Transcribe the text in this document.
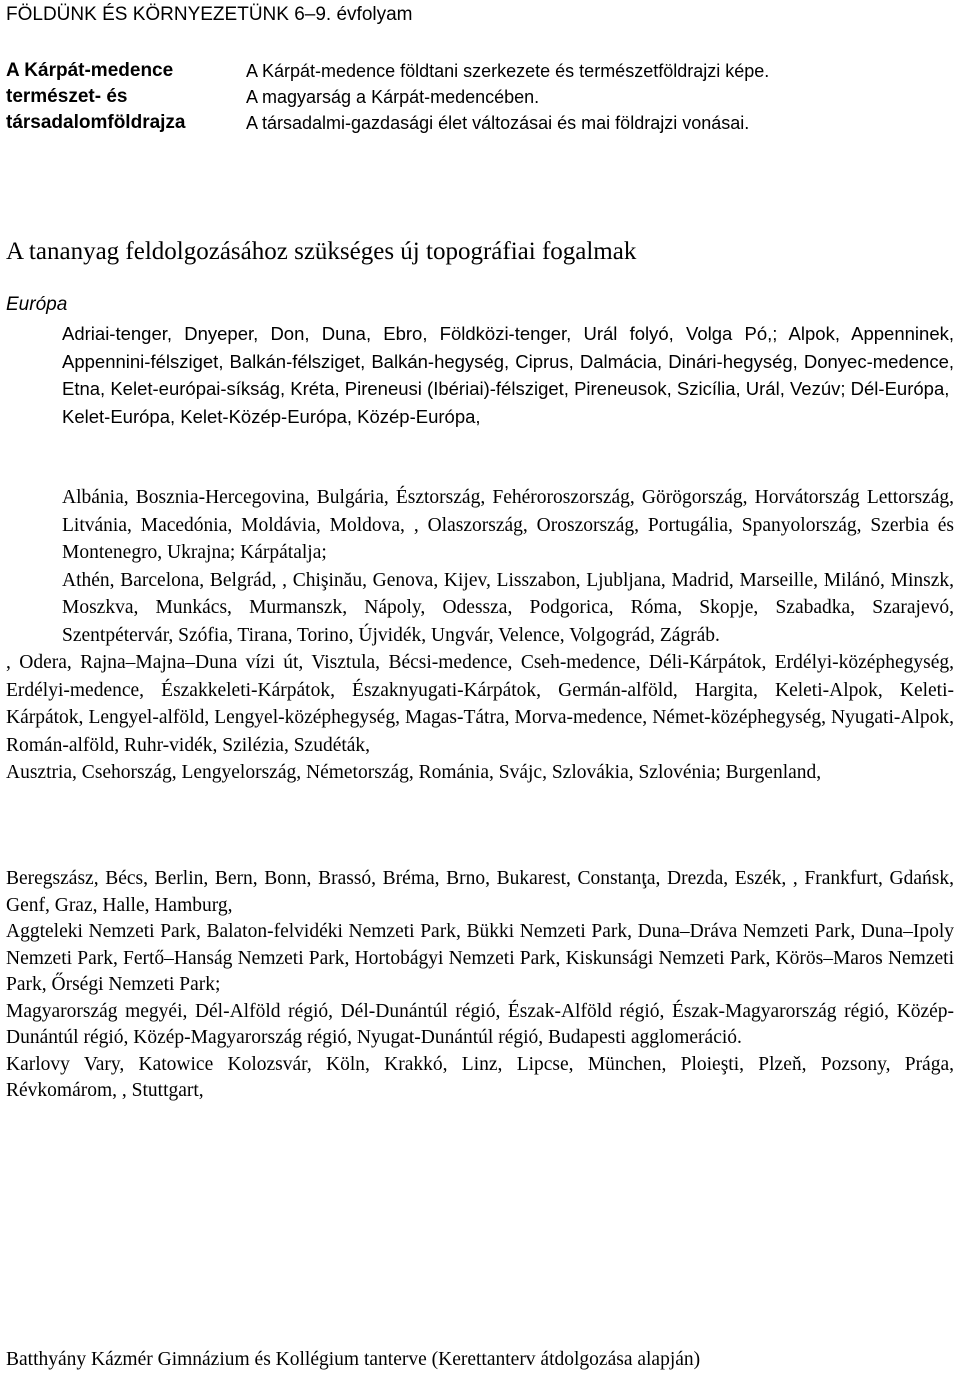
FÖLDÜNK ÉS KÖRNYEZETÜNK 6–9. évfolyam
A Kárpát-medence
természet- és
társadalomföldrajza
A Kárpát-medence földtani szerkezete és természetföldrajzi képe.
A magyarság a Kárpát-medencében.
A társadalmi-gazdasági élet változásai és mai földrajzi vonásai.
A tananyag feldolgozásához szükséges új topográfiai fogalmak
Európa

Adriai-tenger, Dnyeper, Don, Duna, Ebro, Földközi-tenger, Urál folyó, Volga Pó,; Alpok, Appenninek, Appennini-félsziget, Balkán-félsziget, Balkán-hegység, Ciprus, Dalmácia, Dinári-hegység, Donyec-medence, Etna, Kelet-európai-síkság, Kréta, Pireneusi (Ibériai)-félsziget, Pireneusok, Szicília, Urál, Vezúv; Dél-Európa,

Kelet-Európa, Kelet-Közép-Európa, Közép-Európa,

Albánia, Bosznia-Hercegovina, Bulgária, Észtország, Fehéroroszország, Görögország, Horvátország Lettország, Litvánia, Macedónia, Moldávia, Moldova, , Olaszország, Oroszország, Portugália, Spanyolország, Szerbia és Montenegro, Ukrajna; Kárpátalja;

Athén, Barcelona, Belgrád, , Chişinău, Genova, Kijev, Lisszabon, Ljubljana, Madrid, Marseille, Milánó, Minszk, Moszkva, Munkács, Murmanszk, Nápoly, Odessza, Podgorica, Róma, Skopje, Szabadka, Szarajevó, Szentpétervár, Szófia, Tirana, Torino, Újvidék, Ungvár, Velence, Volgográd, Zágráb.

, Odera, Rajna–Majna–Duna vízi út, Visztula, Bécsi-medence, Cseh-medence, Déli-Kárpátok, Erdélyi-középhegység, Erdélyi-medence, Északkeleti-Kárpátok, Északnyugati-Kárpátok, Germán-alföld, Hargita, Keleti-Alpok, Keleti-Kárpátok, Lengyel-alföld, Lengyel-középhegység, Magas-Tátra, Morva-medence, Német-középhegység, Nyugati-Alpok, Román-alföld, Ruhr-vidék, Szilézia, Szudéták,

Ausztria, Csehország, Lengyelország, Németország, Románia, Svájc, Szlovákia, Szlovénia; Burgenland,

Beregszász, Bécs, Berlin, Bern, Bonn, Brassó, Bréma, Brno, Bukarest, Constanţa, Drezda, Eszék, , Frankfurt, Gdańsk, Genf, Graz, Halle, Hamburg,

Aggteleki Nemzeti Park, Balaton-felvidéki Nemzeti Park, Bükki Nemzeti Park, Duna–Dráva Nemzeti Park, Duna–Ipoly Nemzeti Park, Fertő–Hanság Nemzeti Park, Hortobágyi Nemzeti Park, Kiskunsági Nemzeti Park, Körös–Maros Nemzeti Park, Őrségi Nemzeti Park;

Magyarország megyéi, Dél-Alföld régió, Dél-Dunántúl régió, Észak-Alföld régió, Észak-Magyarország régió, Közép-Dunántúl régió, Közép-Magyarország régió, Nyugat-Dunántúl régió, Budapesti agglomeráció.

Karlovy Vary, Katowice Kolozsvár, Köln, Krakkó, Linz, Lipcse, München, Ploieşti, Plzeň, Pozsony, Prága, Révkomárom, , Stuttgart,

Batthyány Kázmér Gimnázium és Kollégium tanterve (Kerettanterv átdolgozása alapján)
